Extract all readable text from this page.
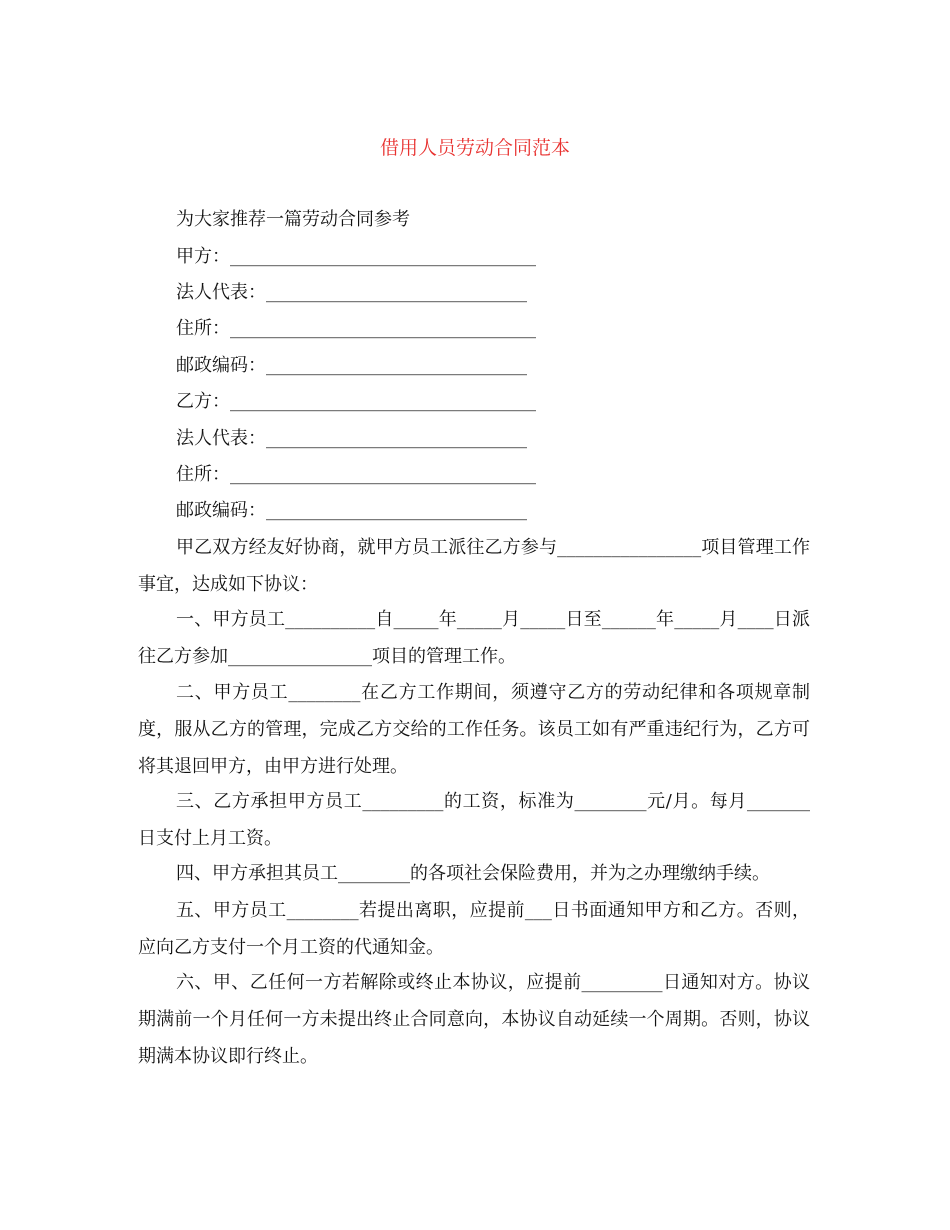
借用人员劳动合同范本
为大家推荐一篇劳动合同参考
甲方：__________________________________
法人代表：_____________________________
住所：__________________________________
邮政编码：_____________________________
乙方：__________________________________
法人代表：_____________________________
住所：__________________________________
邮政编码：_____________________________

甲乙双方经友好协商，就甲方员工派往乙方参与________________项目管理工作事宜，达成如下协议：

一、甲方员工__________自_____年_____月_____日至______年_____月____日派往乙方参加________________项目的管理工作。

二、甲方员工________在乙方工作期间，须遵守乙方的劳动纪律和各项规章制度，服从乙方的管理，完成乙方交给的工作任务。该员工如有严重违纪行为，乙方可将其退回甲方，由甲方进行处理。

三、乙方承担甲方员工_________的工资，标准为________元/月。每月_______日支付上月工资。

四、甲方承担其员工________的各项社会保险费用，并为之办理缴纳手续。

五、甲方员工________若提出离职，应提前___日书面通知甲方和乙方。否则，应向乙方支付一个月工资的代通知金。

六、甲、乙任何一方若解除或终止本协议，应提前_________日通知对方。协议期满前一个月任何一方未提出终止合同意向，本协议自动延续一个周期。否则，协议期满本协议即行终止。
